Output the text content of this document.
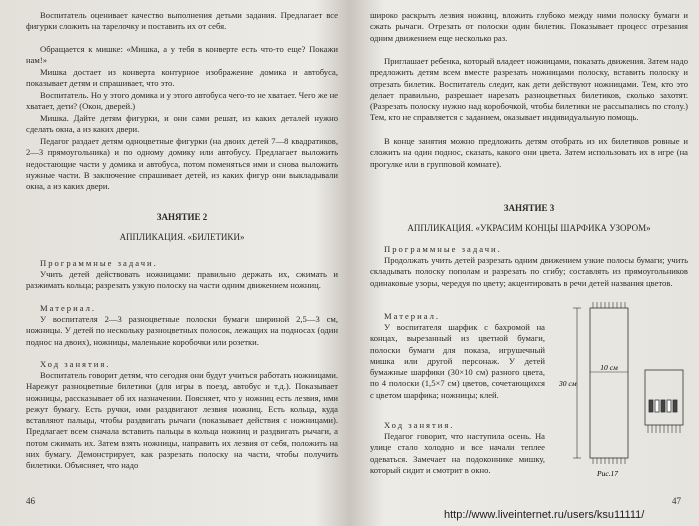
Воспитатель оценивает качество выполнения детьми задания. Предлагает все фигурки сложить на тарелочку и поставить их от себя.

Обращается к мишке: «Мишка, а у тебя в конверте есть что-то еще? Покажи нам!»

Мишка достает из конверта контурное изображение домика и автобуса, показывает детям и спрашивает, что это.

Воспитатель. Но у этого домика и у этого автобуса чего-то не хватает. Чего же не хватает, дети? (Окон, дверей.)

Мишка. Дайте детям фигурки, и они сами решат, из каких деталей нужно сделать окна, а из каких двери.

Педагог раздает детям одноцветные фигурки (на двоих детей 7—8 квадратиков, 2—3 прямоугольника) и по одному домику или автобусу. Предлагает выложить недостающие части у домика и автобуса, потом поменяться ими и снова выложить нужные части. В заключение спрашивает детей, из каких фигур они выкладывали окна, а из каких двери.

ЗАНЯТИЕ 2

АППЛИКАЦИЯ. «БИЛЕТИКИ»

Программные задачи.

Учить детей действовать ножницами: правильно держать их, сжимать и разжимать кольца; разрезать узкую полоску на части одним движением ножниц.

Материал.

У воспитателя 2—3 разноцветные полоски бумаги шириной 2,5—3 см, ножницы. У детей по нескольку разноцветных полосок, лежащих на подносах (один поднос на двоих), ножницы, маленькие коробочки или розетки.

Ход занятия.

Воспитатель говорит детям, что сегодня они будут учиться работать ножницами. Нарежут разноцветные билетики (для игры в поезд, автобус и т.д.). Показывает ножницы, рассказывает об их назначении. Поясняет, что у ножниц есть лезвия, ими режут бумагу. Есть ручки, ими раздвигают лезвия ножниц. Есть кольца, куда вставляют пальцы, чтобы раздвигать рычаги (показывает действия с ножницами). Предлагает всем сначала вставить пальцы в кольца ножниц и раздвигать рычаги, а потом сжимать их. Затем взять ножницы, направить их лезвия от себя, положить на них бумагу. Демонстрирует, как разрезать полоску на части, чтобы получить билетики. Объясняет, что надо

46

широко раскрыть лезвия ножниц, вложить глубоко между ними полоску бумаги и сжать рычаги. Отрезать от полоски один билетик. Показывает процесс отрезания одним движением еще несколько раз.

Приглашает ребенка, который владеет ножницами, показать движения. Затем надо предложить детям всем вместе разрезать ножницами полоску, вставить полоску и отрезать билетик. Воспитатель следит, как дети действуют ножницами. Тем, кто это делает правильно, разрешает нарезать разноцветных билетиков, сколько захотят. (Разрезать полоску нужно над коробочкой, чтобы билетики не рассыпались по столу.) Тем, кто не справляется с заданием, оказывает индивидуальную помощь.

В конце занятия можно предложить детям отобрать из их билетиков ровные и сложить на один поднос, сказать, какого они цвета. Затем использовать их в игре (на прогулке или в групповой комнате).

ЗАНЯТИЕ 3

АППЛИКАЦИЯ. «УКРАСИМ КОНЦЫ ШАРФИКА УЗОРОМ»

Программные задачи.

Продолжать учить детей разрезать одним движением узкие полосы бумаги; учить складывать полоску пополам и разрезать по сгибу; составлять из прямоугольников одинаковые узоры, чередуя по цвету; акцентировать в речи детей названия цветов.

Материал.

У воспитателя шарфик с бахромой на концах, вырезанный из цветной бумаги, полоски бумаги для показа, игрушечный мишка или другой персонаж. У детей бумажные шарфики (30×10 см) разного цвета, по 4 полоски (1,5×7 см) цветов, сочетающихся с цветом шарфика; ножницы; клей.

Ход занятия.

Педагог говорит, что наступила осень. На улице стало холодно и все начали теплее одеваться. Замечает на подоконнике мишку, который сидит и смотрит в окно.

10 см
30 см
Рис.17
47
http://www.liveinternet.ru/users/ksu11111/
